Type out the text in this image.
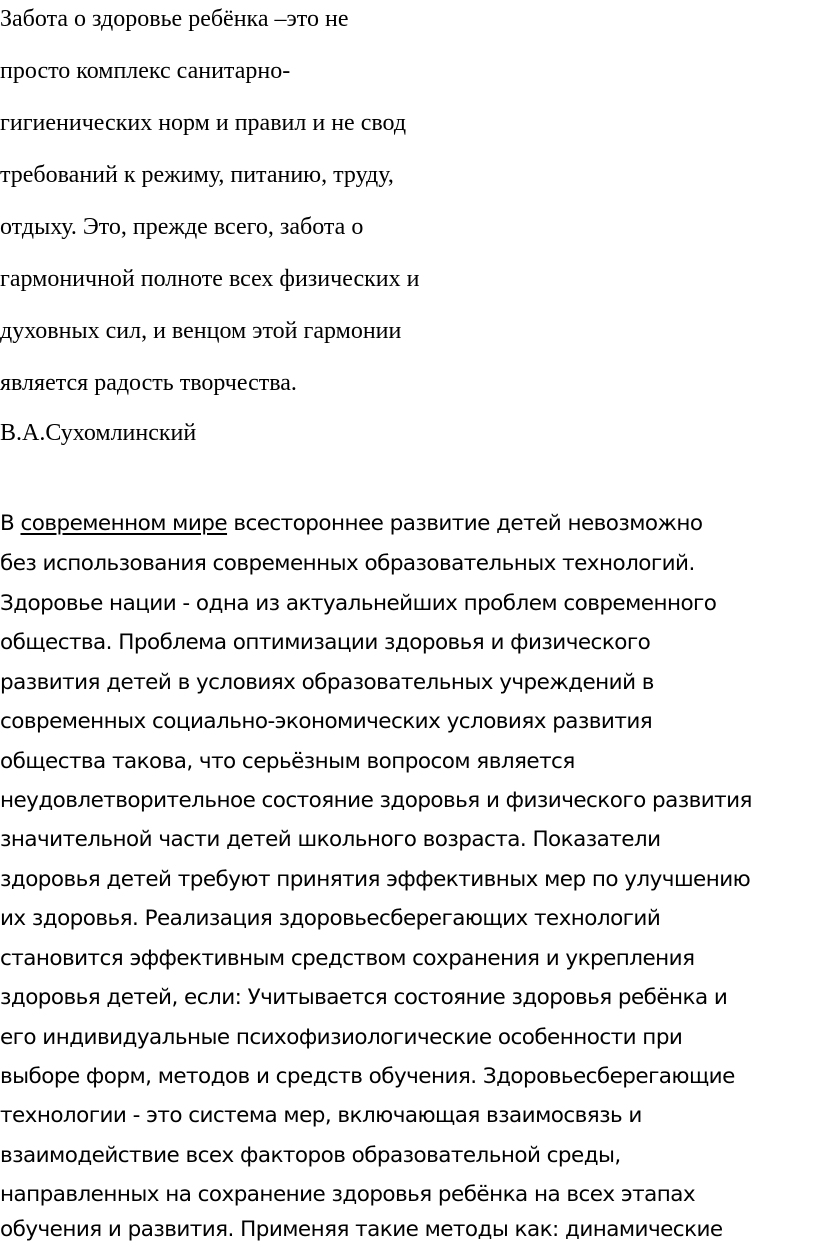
Забота о здоровье ребёнка –это не
просто комплекс санитарно-
гигиенических норм и правил и не свод
требований к режиму, питанию, труду,
отдыху. Это, прежде всего, забота о
гармоничной полноте всех физических и
духовных сил, и венцом этой гармонии
является радость творчества.
В.А.Сухомлинский
В современном мире всестороннее развитие детей невозможно
без использования современных образовательных технологий.
Здоровье нации - одна из актуальнейших проблем современного
общества. Проблема оптимизации здоровья и физического
развития детей в условиях образовательных учреждений в
современных социально-экономических условиях развития
общества такова, что серьёзным вопросом является
неудовлетворительное состояние здоровья и физического развития
значительной части детей школьного возраста. Показатели
здоровья детей требуют принятия эффективных мер по улучшению
их здоровья. Реализация здоровьесберегающих технологий
становится эффективным средством сохранения и укрепления
здоровья детей, если: Учитывается состояние здоровья ребёнка и
его индивидуальные психофизиологические особенности при
выборе форм, методов и средств обучения. Здоровьесберегающие
технологии - это система мер, включающая взаимосвязь и
взаимодействие всех факторов образовательной среды,
направленных на сохранение здоровья ребёнка на всех этапах
обучения и развития. Применяя такие методы как: динамические
